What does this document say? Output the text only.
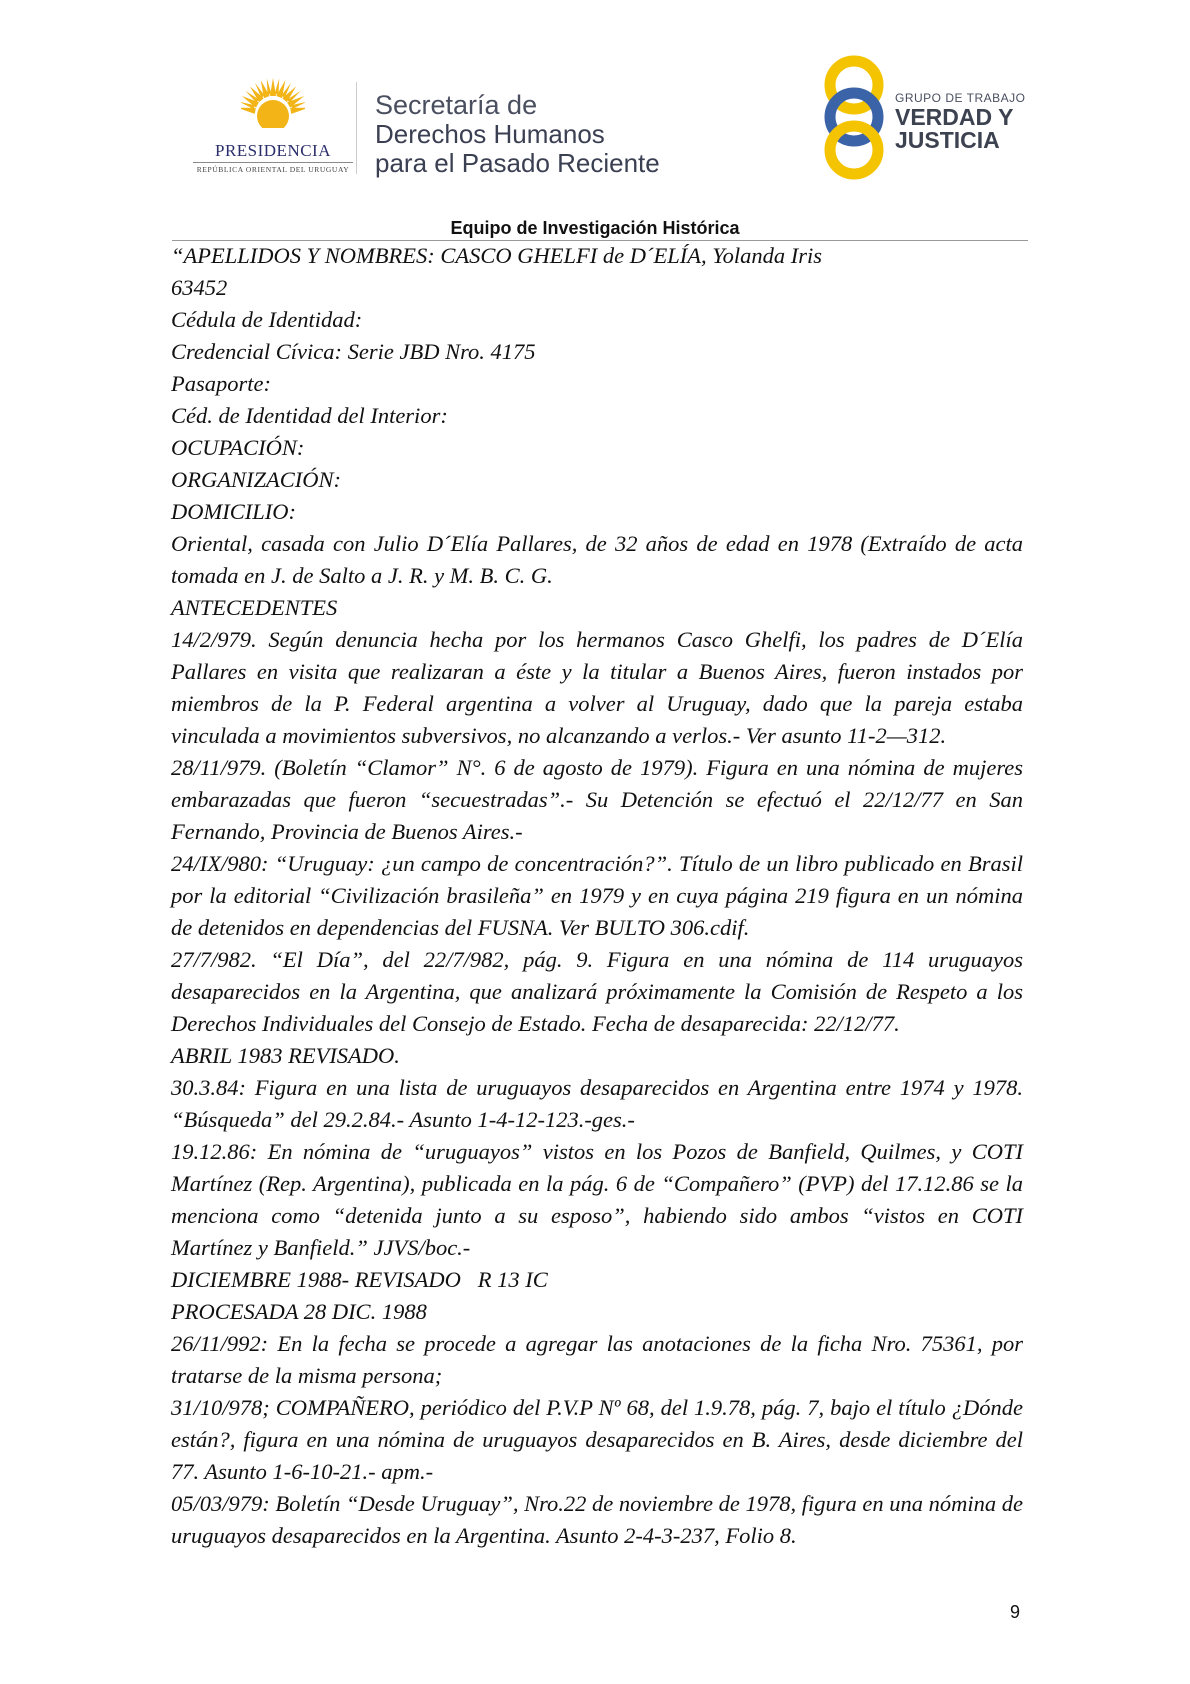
PRESIDENCIA
REPÚBLICA ORIENTAL DEL URUGUAY
Secretaría de
Derechos Humanos
para el Pasado Reciente
GRUPO DE TRABAJO
VERDAD Y
JUSTICIA
Equipo de Investigación Histórica

“APELLIDOS Y NOMBRES: CASCO GHELFI de D´ELÍA, Yolanda Iris

63452

Cédula de Identidad:

Credencial Cívica: Serie JBD Nro. 4175

Pasaporte:

Céd. de Identidad del Interior:

OCUPACIÓN:

ORGANIZACIÓN:

DOMICILIO:

Oriental, casada con Julio D´Elía Pallares, de 32 años de edad en 1978 (Extraído de acta tomada en J. de Salto a J. R. y M. B. C. G.

ANTECEDENTES

14/2/979. Según denuncia hecha por los hermanos Casco Ghelfi, los padres de D´Elía Pallares en visita que realizaran a éste y la titular a Buenos Aires, fueron instados por miembros de la P. Federal argentina a volver al Uruguay, dado que la pareja estaba vinculada a movimientos subversivos, no alcanzando a verlos.- Ver asunto 11-2—312.

28/11/979. (Boletín “Clamor” N°. 6 de agosto de 1979). Figura en una nómina de mujeres embarazadas que fueron “secuestradas”.- Su Detención se efectuó el 22/12/77 en San Fernando, Provincia de Buenos Aires.-

24/IX/980: “Uruguay: ¿un campo de concentración?”. Título de un libro publicado en Brasil por la editorial “Civilización brasileña” en 1979 y en cuya página 219 figura en un nómina de detenidos en dependencias del FUSNA. Ver BULTO 306.cdif.

27/7/982. “El Día”, del 22/7/982, pág. 9. Figura en una nómina de 114 uruguayos desaparecidos en la Argentina, que analizará próximamente la Comisión de Respeto a los Derechos Individuales del Consejo de Estado. Fecha de desaparecida: 22/12/77.

ABRIL 1983 REVISADO.

30.3.84: Figura en una lista de uruguayos desaparecidos en Argentina entre 1974 y 1978. “Búsqueda” del 29.2.84.- Asunto 1-4-12-123.-ges.-

19.12.86: En nómina de “uruguayos” vistos en los Pozos de Banfield, Quilmes, y COTI Martínez (Rep. Argentina), publicada en la pág. 6 de “Compañero” (PVP) del 17.12.86 se la menciona como “detenida junto a su esposo”, habiendo sido ambos “vistos en COTI Martínez y Banfield.” JJVS/boc.-

DICIEMBRE 1988- REVISADO   R 13 IC

PROCESADA 28 DIC. 1988

26/11/992: En la fecha se procede a agregar las anotaciones de la ficha Nro. 75361, por tratarse de la misma persona;

31/10/978; COMPAÑERO, periódico del P.V.P Nº 68, del 1.9.78, pág. 7, bajo el título ¿Dónde están?, figura en una nómina de uruguayos desaparecidos en B. Aires, desde diciembre del 77. Asunto 1-6-10-21.- apm.-

05/03/979: Boletín “Desde Uruguay”, Nro.22 de noviembre de 1978, figura en una nómina de uruguayos desaparecidos en la Argentina. Asunto 2-4-3-237, Folio 8.

9
